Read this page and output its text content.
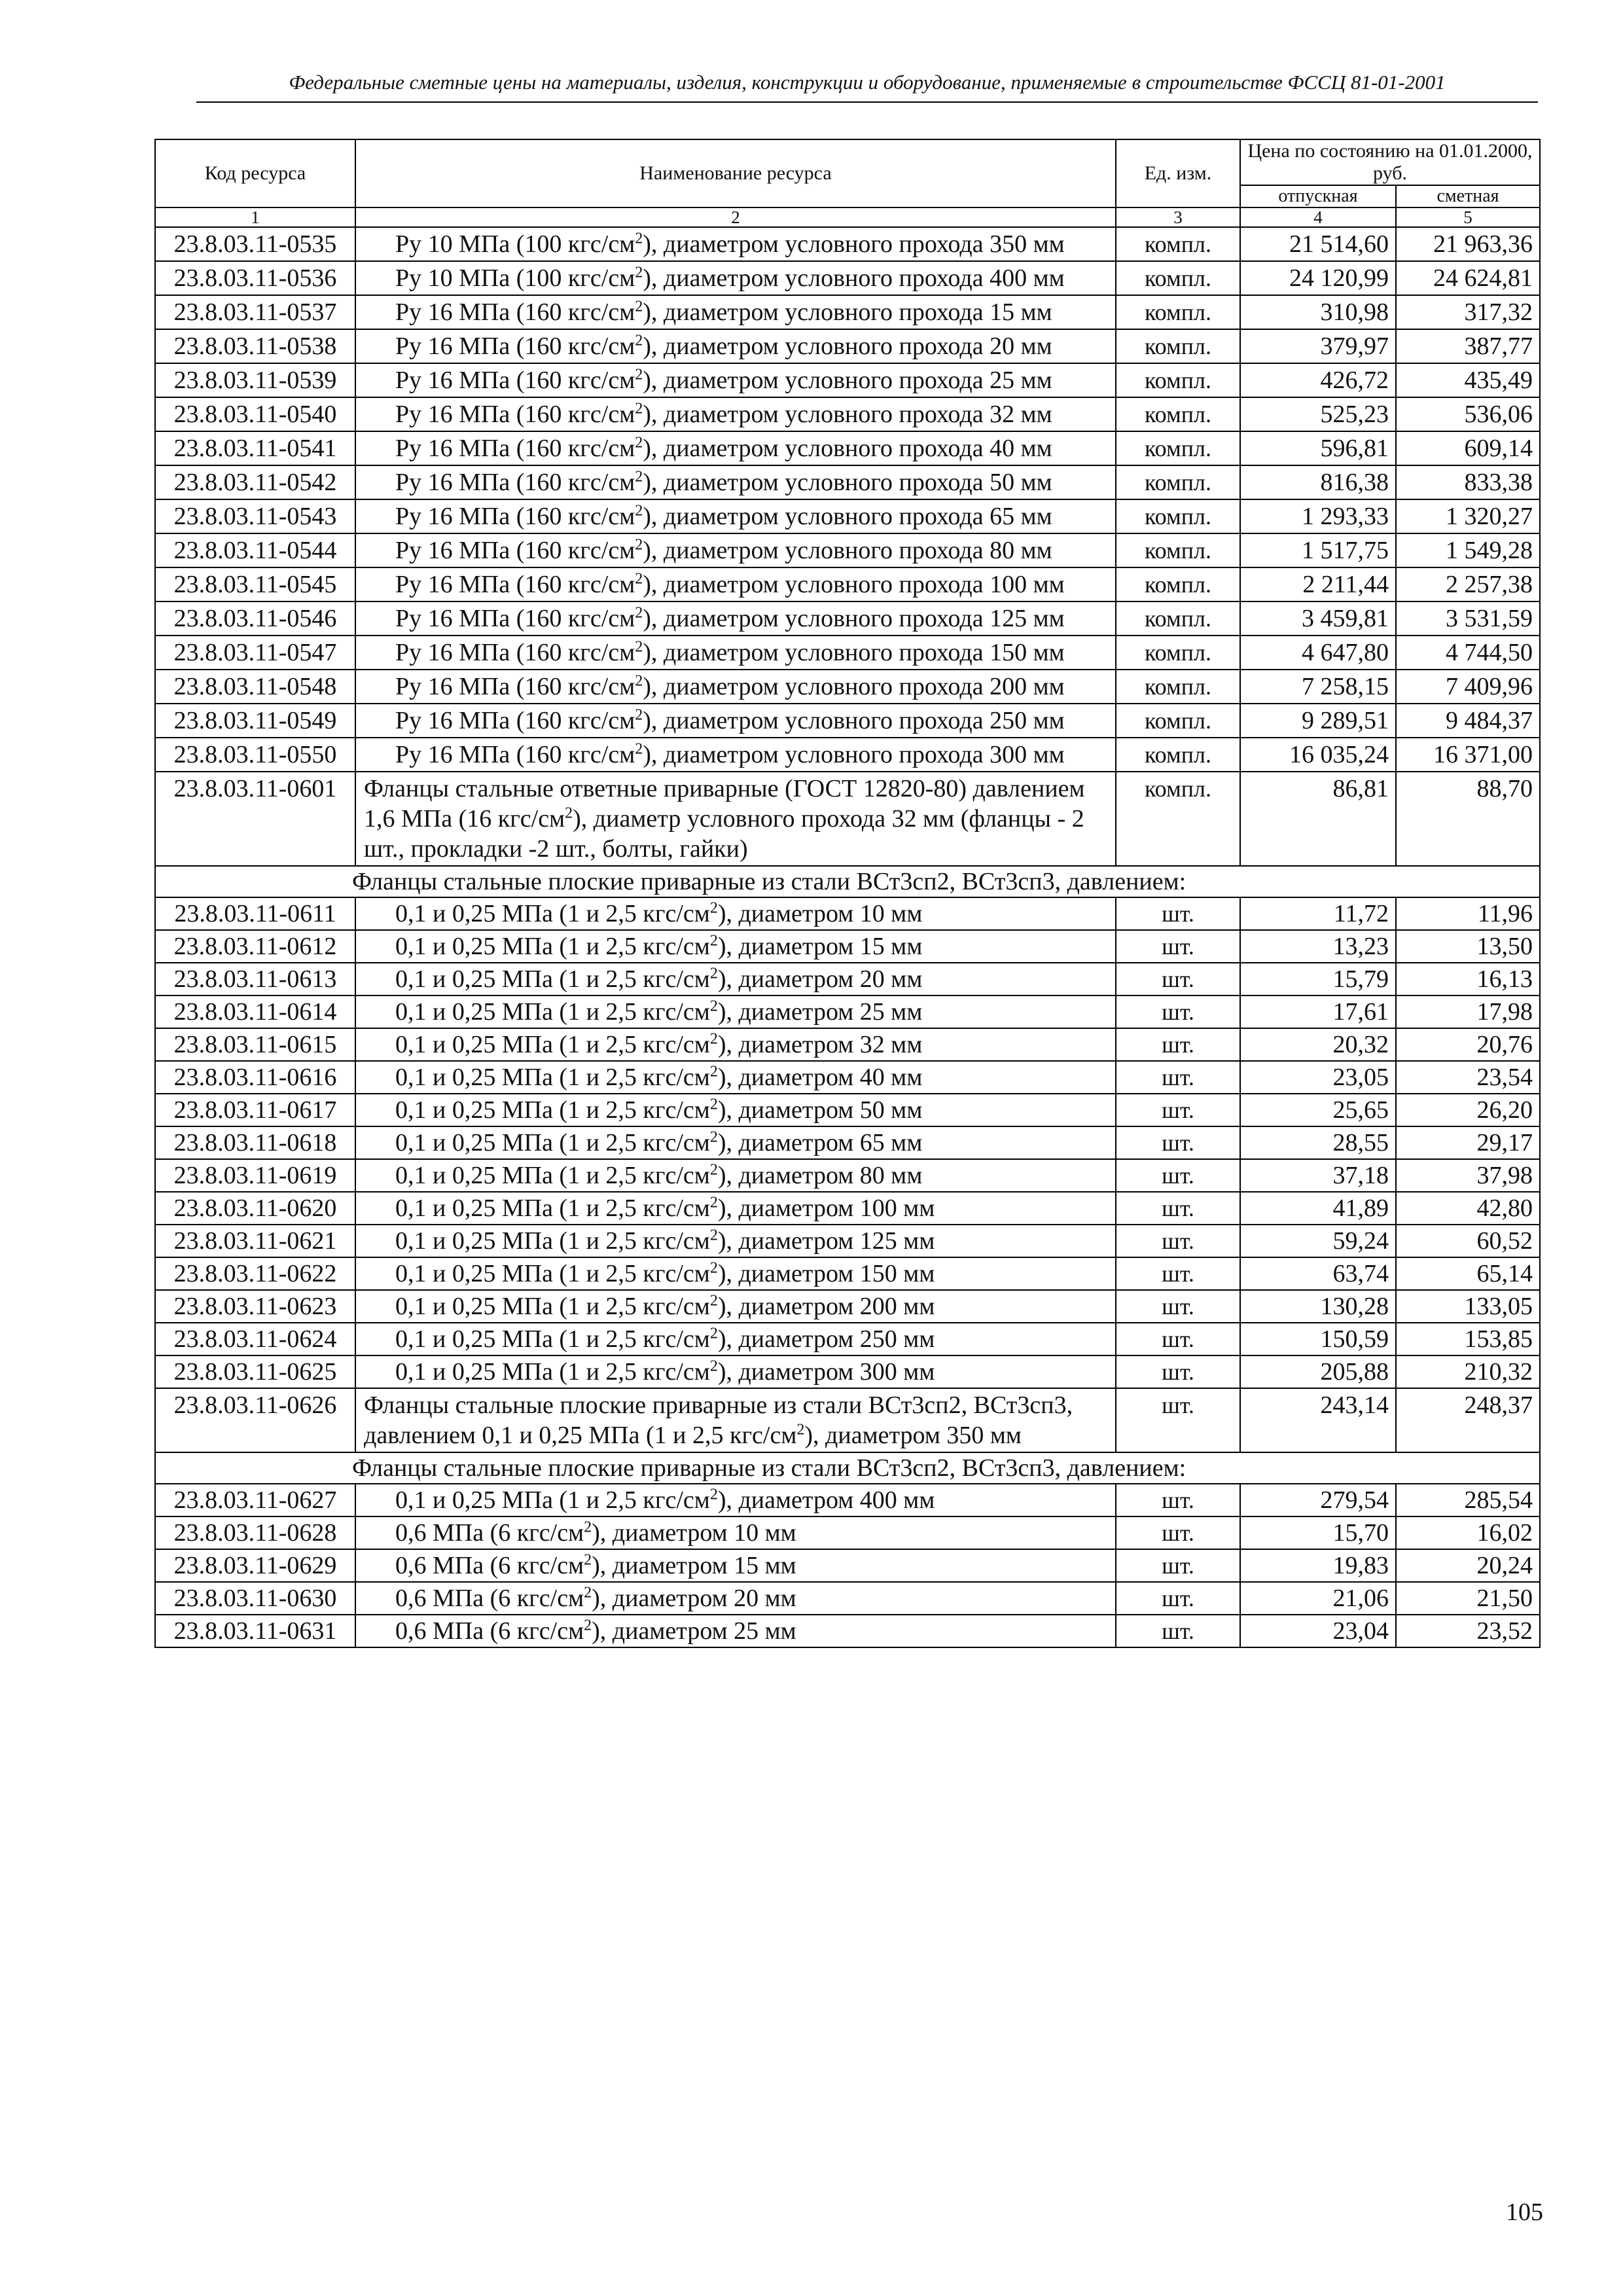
Федеральные сметные цены на материалы, изделия, конструкции и оборудование, применяемые в строительстве ФССЦ 81-01-2001
Код ресурса	Наименование ресурса	Ед. изм.	Цена по состоянию на 01.01.2000, руб.	
			отпускная	сметная
1	2	3	4	5
23.8.03.11-0535	Ру 10 МПа (100 кгс/$см^2$), диаметром условного прохода 350 мм	компл.	21 514,60	21 963,36
23.8.03.11-0536	Ру 10 МПа (100 кгс/$см^2$), диаметром условного прохода 400 мм	компл.	24 120,99	24 624,81
23.8.03.11-0537	Ру 16 МПа (160 кгс/$см^2$), диаметром условного прохода 15 мм	компл.	310,98	317,32
23.8.03.11-0538	Ру 16 МПа (160 кгс/$см^2$), диаметром условного прохода 20 мм	компл.	379,97	387,77
23.8.03.11-0539	Ру 16 МПа (160 кгс/$см^2$), диаметром условного прохода 25 мм	компл.	426,72	435,49
23.8.03.11-0540	Ру 16 МПа (160 кгс/$см^2$), диаметром условного прохода 32 мм	компл.	525,23	536,06
23.8.03.11-0541	Ру 16 МПа (160 кгс/$см^2$), диаметром условного прохода 40 мм	компл.	596,81	609,14
23.8.03.11-0542	Ру 16 МПа (160 кгс/$см^2$), диаметром условного прохода 50 мм	компл.	816,38	833,38
23.8.03.11-0543	Ру 16 МПа (160 кгс/$см^2$), диаметром условного прохода 65 мм	компл.	1 293,33	1 320,27
23.8.03.11-0544	Ру 16 МПа (160 кгс/$см^2$), диаметром условного прохода 80 мм	компл.	1 517,75	1 549,28
23.8.03.11-0545	Ру 16 МПа (160 кгс/$см^2$), диаметром условного прохода 100 мм	компл.	2 211,44	2 257,38
23.8.03.11-0546	Ру 16 МПа (160 кгс/$см^2$), диаметром условного прохода 125 мм	компл.	3 459,81	3 531,59
23.8.03.11-0547	Ру 16 МПа (160 кгс/$см^2$), диаметром условного прохода 150 мм	компл.	4 647,80	4 744,50
23.8.03.11-0548	Ру 16 МПа (160 кгс/$см^2$), диаметром условного прохода 200 мм	компл.	7 258,15	7 409,96
23.8.03.11-0549	Ру 16 МПа (160 кгс/$см^2$), диаметром условного прохода 250 мм	компл.	9 289,51	9 484,37
23.8.03.11-0550	Ру 16 МПа (160 кгс/$см^2$), диаметром условного прохода 300 мм	компл.	16 035,24	16 371,00
23.8.03.11-0601	Фланцы стальные ответные приварные (ГОСТ 12820-80) давлением 1,6 МПа (16 кгс/$см^2$), диаметр условного прохода 32 мм (фланцы - 2 шт., прокладки -2 шт., болты, гайки)	компл.	86,81	88,70
Фланцы стальные плоские приварные из стали ВСт3сп2, ВСт3сп3, давлением:				
23.8.03.11-0611	0,1 и 0,25 МПа (1 и 2,5 кгс/$см^2$), диаметром 10 мм	шт.	11,72	11,96
23.8.03.11-0612	0,1 и 0,25 МПа (1 и 2,5 кгс/$см^2$), диаметром 15 мм	шт.	13,23	13,50
23.8.03.11-0613	0,1 и 0,25 МПа (1 и 2,5 кгс/$см^2$), диаметром 20 мм	шт.	15,79	16,13
23.8.03.11-0614	0,1 и 0,25 МПа (1 и 2,5 кгс/$см^2$), диаметром 25 мм	шт.	17,61	17,98
23.8.03.11-0615	0,1 и 0,25 МПа (1 и 2,5 кгс/$см^2$), диаметром 32 мм	шт.	20,32	20,76
23.8.03.11-0616	0,1 и 0,25 МПа (1 и 2,5 кгс/$см^2$), диаметром 40 мм	шт.	23,05	23,54
23.8.03.11-0617	0,1 и 0,25 МПа (1 и 2,5 кгс/$см^2$), диаметром 50 мм	шт.	25,65	26,20
23.8.03.11-0618	0,1 и 0,25 МПа (1 и 2,5 кгс/$см^2$), диаметром 65 мм	шт.	28,55	29,17
23.8.03.11-0619	0,1 и 0,25 МПа (1 и 2,5 кгс/$см^2$), диаметром 80 мм	шт.	37,18	37,98
23.8.03.11-0620	0,1 и 0,25 МПа (1 и 2,5 кгс/$см^2$), диаметром 100 мм	шт.	41,89	42,80
23.8.03.11-0621	0,1 и 0,25 МПа (1 и 2,5 кгс/$см^2$), диаметром 125 мм	шт.	59,24	60,52
23.8.03.11-0622	0,1 и 0,25 МПа (1 и 2,5 кгс/$см^2$), диаметром 150 мм	шт.	63,74	65,14
23.8.03.11-0623	0,1 и 0,25 МПа (1 и 2,5 кгс/$см^2$), диаметром 200 мм	шт.	130,28	133,05
23.8.03.11-0624	0,1 и 0,25 МПа (1 и 2,5 кгс/$см^2$), диаметром 250 мм	шт.	150,59	153,85
23.8.03.11-0625	0,1 и 0,25 МПа (1 и 2,5 кгс/$см^2$), диаметром 300 мм	шт.	205,88	210,32
23.8.03.11-0626	Фланцы стальные плоские приварные из стали ВСт3сп2, ВСт3сп3, давлением 0,1 и 0,25 МПа (1 и 2,5 кгс/$см^2$), диаметром 350 мм	шт.	243,14	248,37
Фланцы стальные плоские приварные из стали ВСт3сп2, ВСт3сп3, давлением:				
23.8.03.11-0627	0,1 и 0,25 МПа (1 и 2,5 кгс/$см^2$), диаметром 400 мм	шт.	279,54	285,54
23.8.03.11-0628	0,6 МПа (6 кгс/$см^2$), диаметром 10 мм	шт.	15,70	16,02
23.8.03.11-0629	0,6 МПа (6 кгс/$см^2$), диаметром 15 мм	шт.	19,83	20,24
23.8.03.11-0630	0,6 МПа (6 кгс/$см^2$), диаметром 20 мм	шт.	21,06	21,50
23.8.03.11-0631	0,6 МПа (6 кгс/$см^2$), диаметром 25 мм	шт.	23,04	23,52
105
